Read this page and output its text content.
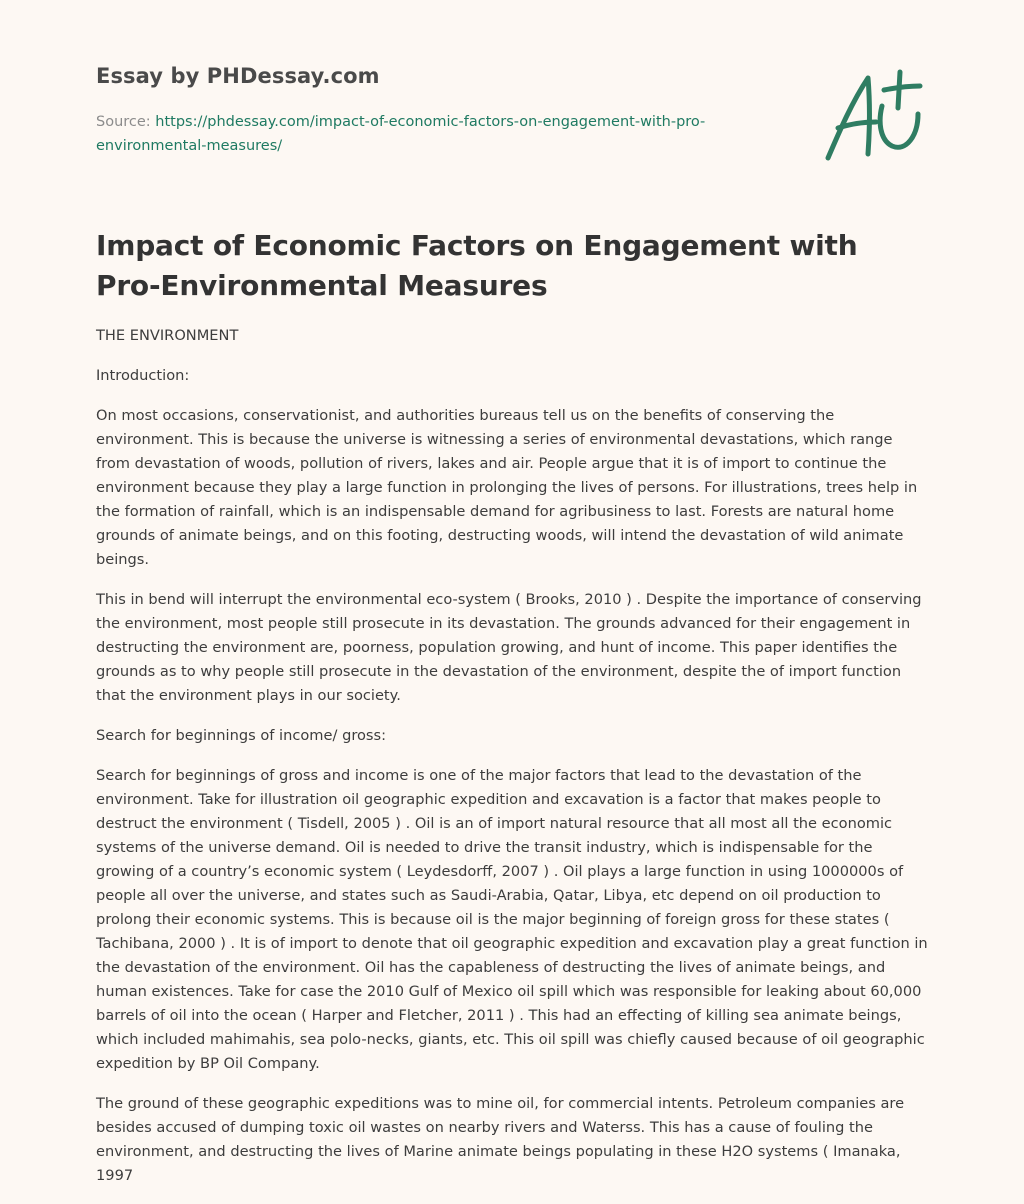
Essay by PHDessay.com
Source: https://phdessay.com/impact-of-economic-factors-on-engagement-with-pro-environmental-measures/
Impact of Economic Factors on Engagement with Pro-Environmental Measures

THE ENVIRONMENT

Introduction:

On most occasions, conservationist, and authorities bureaus tell us on the benefits of conserving the environment. This is because the universe is witnessing a series of environmental devastations, which range from devastation of woods, pollution of rivers, lakes and air. People argue that it is of import to continue the environment because they play a large function in prolonging the lives of persons. For illustrations, trees help in the formation of rainfall, which is an indispensable demand for agribusiness to last. Forests are natural home grounds of animate beings, and on this footing, destructing woods, will intend the devastation of wild animate beings.

This in bend will interrupt the environmental eco-system ( Brooks, 2010 ) . Despite the importance of conserving the environment, most people still prosecute in its devastation. The grounds advanced for their engagement in destructing the environment are, poorness, population growing, and hunt of income. This paper identifies the grounds as to why people still prosecute in the devastation of the environment, despite the of import function that the environment plays in our society.

Search for beginnings of income/ gross:

Search for beginnings of gross and income is one of the major factors that lead to the devastation of the environment. Take for illustration oil geographic expedition and excavation is a factor that makes people to destruct the environment ( Tisdell, 2005 ) . Oil is an of import natural resource that all most all the economic systems of the universe demand. Oil is needed to drive the transit industry, which is indispensable for the growing of a country’s economic system ( Leydesdorff, 2007 ) . Oil plays a large function in using 1000000s of people all over the universe, and states such as Saudi-Arabia, Qatar, Libya, etc depend on oil production to prolong their economic systems. This is because oil is the major beginning of foreign gross for these states ( Tachibana, 2000 ) . It is of import to denote that oil geographic expedition and excavation play a great function in the devastation of the environment. Oil has the capableness of destructing the lives of animate beings, and human existences. Take for case the 2010 Gulf of Mexico oil spill which was responsible for leaking about 60,000 barrels of oil into the ocean ( Harper and Fletcher, 2011 ) . This had an effecting of killing sea animate beings, which included mahimahis, sea polo-necks, giants, etc. This oil spill was chiefly caused because of oil geographic expedition by BP Oil Company.

The ground of these geographic expeditions was to mine oil, for commercial intents. Petroleum companies are besides accused of dumping toxic oil wastes on nearby rivers and Waterss. This has a cause of fouling the environment, and destructing the lives of Marine animate beings populating in these H2O systems ( Imanaka, 1997
